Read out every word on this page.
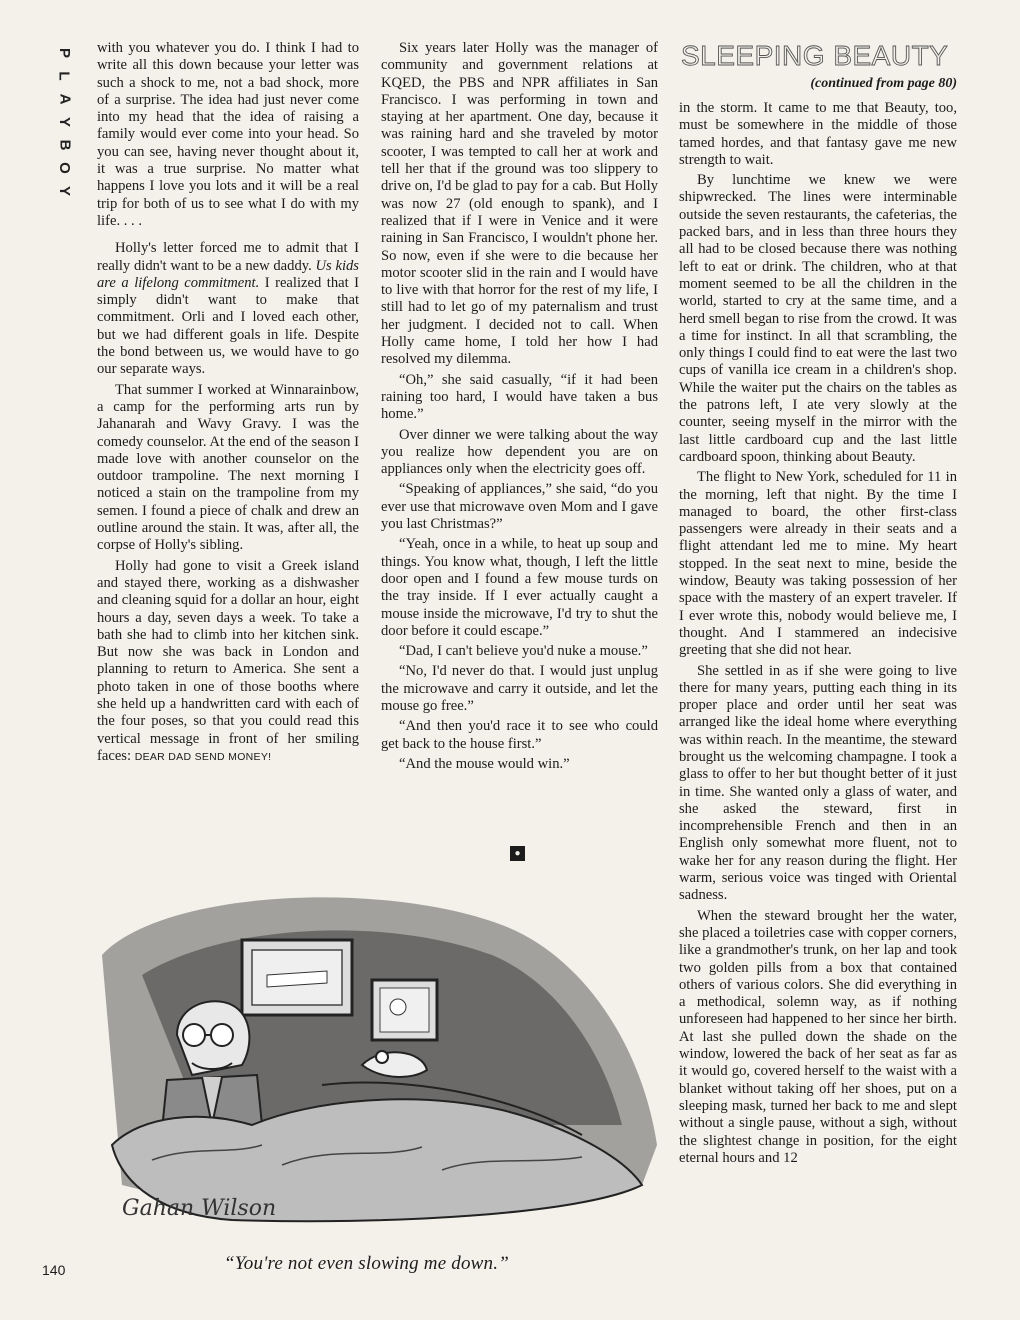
P
L
A
Y
B
O
Y

with you whatever you do. I think I had to write all this down because your letter was such a shock to me, not a bad shock, more of a surprise. The idea had just never come into my head that the idea of raising a family would ever come into your head. So you can see, having never thought about it, it was a true surprise. No matter what happens I love you lots and it will be a real trip for both of us to see what I do with my life. . . .

Holly's letter forced me to admit that I really didn't want to be a new daddy. Us kids are a lifelong commitment. I realized that I simply didn't want to make that commitment. Orli and I loved each other, but we had different goals in life. Despite the bond between us, we would have to go our separate ways.

That summer I worked at Winnarainbow, a camp for the performing arts run by Jahanarah and Wavy Gravy. I was the comedy counselor. At the end of the season I made love with another counselor on the outdoor trampoline. The next morning I noticed a stain on the trampoline from my semen. I found a piece of chalk and drew an outline around the stain. It was, after all, the corpse of Holly's sibling.

Holly had gone to visit a Greek island and stayed there, working as a dishwasher and cleaning squid for a dollar an hour, eight hours a day, seven days a week. To take a bath she had to climb into her kitchen sink. But now she was back in London and planning to return to America. She sent a photo taken in one of those booths where she held up a handwritten card with each of the four poses, so that you could read this vertical message in front of her smiling faces: DEAR DAD SEND MONEY!

Six years later Holly was the manager of community and government relations at KQED, the PBS and NPR affiliates in San Francisco. I was performing in town and staying at her apartment. One day, because it was raining hard and she traveled by motor scooter, I was tempted to call her at work and tell her that if the ground was too slippery to drive on, I'd be glad to pay for a cab. But Holly was now 27 (old enough to spank), and I realized that if I were in Venice and it were raining in San Francisco, I wouldn't phone her. So now, even if she were to die because her motor scooter slid in the rain and I would have to live with that horror for the rest of my life, I still had to let go of my paternalism and trust her judgment. I decided not to call. When Holly came home, I told her how I had resolved my dilemma.

“Oh,” she said casually, “if it had been raining too hard, I would have taken a bus home.”

Over dinner we were talking about the way you realize how dependent you are on appliances only when the electricity goes off.

“Speaking of appliances,” she said, “do you ever use that microwave oven Mom and I gave you last Christmas?”

“Yeah, once in a while, to heat up soup and things. You know what, though, I left the little door open and I found a few mouse turds on the tray inside. If I ever actually caught a mouse inside the microwave, I'd try to shut the door before it could escape.”

“Dad, I can't believe you'd nuke a mouse.”

“No, I'd never do that. I would just unplug the microwave and carry it outside, and let the mouse go free.”

“And then you'd race it to see who could get back to the house first.”

“And the mouse would win.”

●
SLEEPING BEAUTY
(continued from page 80)

in the storm. It came to me that Beauty, too, must be somewhere in the middle of those tamed hordes, and that fantasy gave me new strength to wait.

By lunchtime we knew we were shipwrecked. The lines were interminable outside the seven restaurants, the cafeterias, the packed bars, and in less than three hours they all had to be closed because there was nothing left to eat or drink. The children, who at that moment seemed to be all the children in the world, started to cry at the same time, and a herd smell began to rise from the crowd. It was a time for instinct. In all that scrambling, the only things I could find to eat were the last two cups of vanilla ice cream in a children's shop. While the waiter put the chairs on the tables as the patrons left, I ate very slowly at the counter, seeing myself in the mirror with the last little cardboard cup and the last little cardboard spoon, thinking about Beauty.

The flight to New York, scheduled for 11 in the morning, left that night. By the time I managed to board, the other first-class passengers were already in their seats and a flight attendant led me to mine. My heart stopped. In the seat next to mine, beside the window, Beauty was taking possession of her space with the mastery of an expert traveler. If I ever wrote this, nobody would believe me, I thought. And I stammered an indecisive greeting that she did not hear.

She settled in as if she were going to live there for many years, putting each thing in its proper place and order until her seat was arranged like the ideal home where everything was within reach. In the meantime, the steward brought us the welcoming champagne. I took a glass to offer to her but thought better of it just in time. She wanted only a glass of water, and she asked the steward, first in incomprehensible French and then in an English only somewhat more fluent, not to wake her for any reason during the flight. Her warm, serious voice was tinged with Oriental sadness.

When the steward brought her the water, she placed a toiletries case with copper corners, like a grandmother's trunk, on her lap and took two golden pills from a box that contained others of various colors. She did everything in a methodical, solemn way, as if nothing unforeseen had happened to her since her birth. At last she pulled down the shade on the window, lowered the back of her seat as far as it would go, covered herself to the waist with a blanket without taking off her shoes, put on a sleeping mask, turned her back to me and slept without a single pause, without a sigh, without the slightest change in position, for the eight eternal hours and 12

Gahan Wilson
“You're not even slowing me down.”
140
